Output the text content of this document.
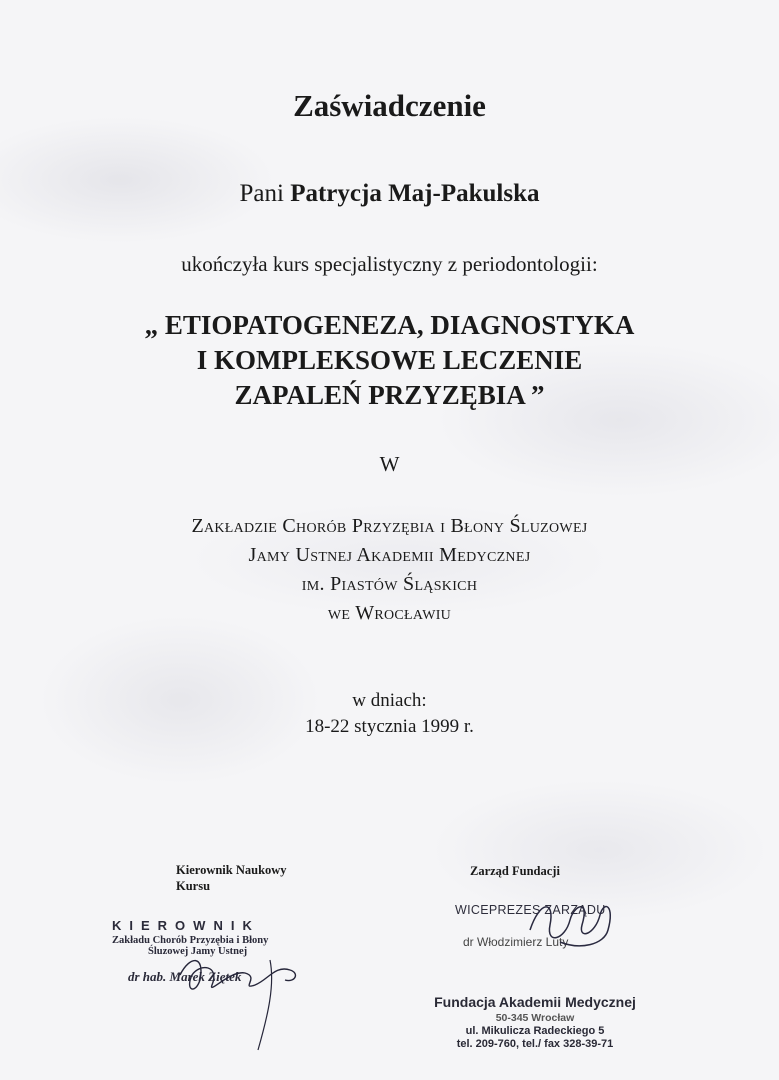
Zaświadczenie
Pani Patrycja Maj-Pakulska
ukończyła kurs specjalistyczny z periodontologii:
„ ETIOPATOGENEZA, DIAGNOSTYKA
I KOMPLEKSOWE LECZENIE
ZAPALEŃ PRZYZĘBIA ”
W
Zakładzie Chorób Przyzębia i Błony Śluzowej
Jamy Ustnej Akademii Medycznej
im. Piastów Śląskich
we Wrocławiu
w dniach:
18-22 stycznia 1999 r.
Kierownik Naukowy
Kursu
Zarząd Fundacji
KIEROWNIK
Zakładu Chorób Przyzębia i Błony
Śluzowej Jamy Ustnej
dr hab. Marek Ziętek
WICEPREZES ZARZĄDU
dr Włodzimierz Luty
Fundacja Akademii Medycznej
50-345 Wrocław
ul. Mikulicza Radeckiego 5
tel. 209-760, tel./ fax 328-39-71
